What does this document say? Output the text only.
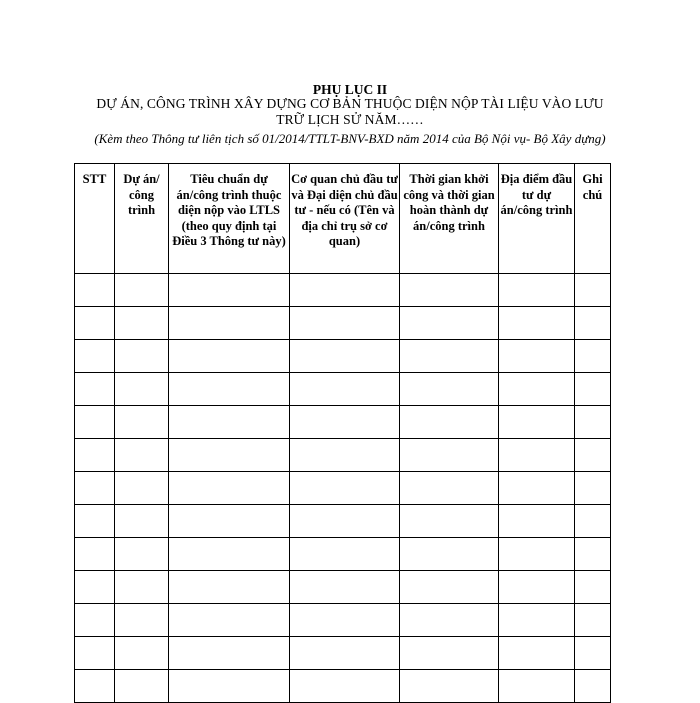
PHỤ LỤC II
DỰ ÁN, CÔNG TRÌNH XÂY DỰNG CƠ BẢN THUỘC DIỆN NỘP TÀI LIỆU VÀO LƯU
TRỮ LỊCH SỬ NĂM……
(Kèm theo Thông tư liên tịch số 01/2014/TTLT-BNV-BXD năm 2014 của Bộ Nội vụ- Bộ Xây dựng)
STT	Dự án/ công trình	Tiêu chuẩn dự án/công trình thuộc diện nộp vào LTLS (theo quy định tại Điều 3 Thông tư này)	Cơ quan chủ đầu tư và Đại diện chủ đầu tư - nếu có (Tên và địa chỉ trụ sở cơ quan)	Thời gian khởi công và thời gian hoàn thành dự án/công trình	Địa điểm đầu tư dự án/công trình	Ghi chú
